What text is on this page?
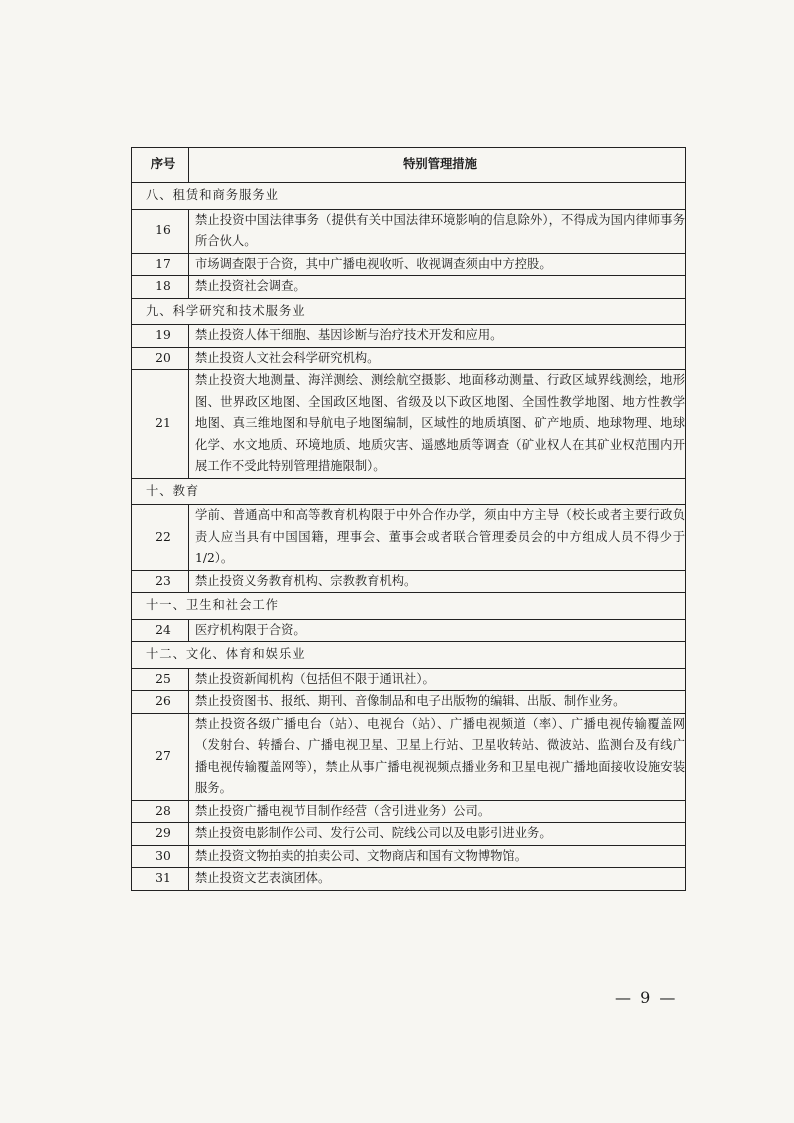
序号	特别管理措施
八、租赁和商务服务业	
16	禁止投资中国法律事务（提供有关中国法律环境影响的信息除外），不得成为国内律师事务所合伙人。
17	市场调查限于合资，其中广播电视收听、收视调查须由中方控股。
18	禁止投资社会调查。
九、科学研究和技术服务业	
19	禁止投资人体干细胞、基因诊断与治疗技术开发和应用。
20	禁止投资人文社会科学研究机构。
21	禁止投资大地测量、海洋测绘、测绘航空摄影、地面移动测量、行政区域界线测绘，地形图、世界政区地图、全国政区地图、省级及以下政区地图、全国性教学地图、地方性教学地图、真三维地图和导航电子地图编制，区域性的地质填图、矿产地质、地球物理、地球化学、水文地质、环境地质、地质灾害、遥感地质等调查（矿业权人在其矿业权范围内开展工作不受此特别管理措施限制）。
十、教育	
22	学前、普通高中和高等教育机构限于中外合作办学，须由中方主导（校长或者主要行政负责人应当具有中国国籍，理事会、董事会或者联合管理委员会的中方组成人员不得少于1/2）。
23	禁止投资义务教育机构、宗教教育机构。
十一、卫生和社会工作	
24	医疗机构限于合资。
十二、文化、体育和娱乐业	
25	禁止投资新闻机构（包括但不限于通讯社）。
26	禁止投资图书、报纸、期刊、音像制品和电子出版物的编辑、出版、制作业务。
27	禁止投资各级广播电台（站）、电视台（站）、广播电视频道（率）、广播电视传输覆盖网（发射台、转播台、广播电视卫星、卫星上行站、卫星收转站、微波站、监测台及有线广播电视传输覆盖网等），禁止从事广播电视视频点播业务和卫星电视广播地面接收设施安装服务。
28	禁止投资广播电视节目制作经营（含引进业务）公司。
29	禁止投资电影制作公司、发行公司、院线公司以及电影引进业务。
30	禁止投资文物拍卖的拍卖公司、文物商店和国有文物博物馆。
31	禁止投资文艺表演团体。
— 9 —
